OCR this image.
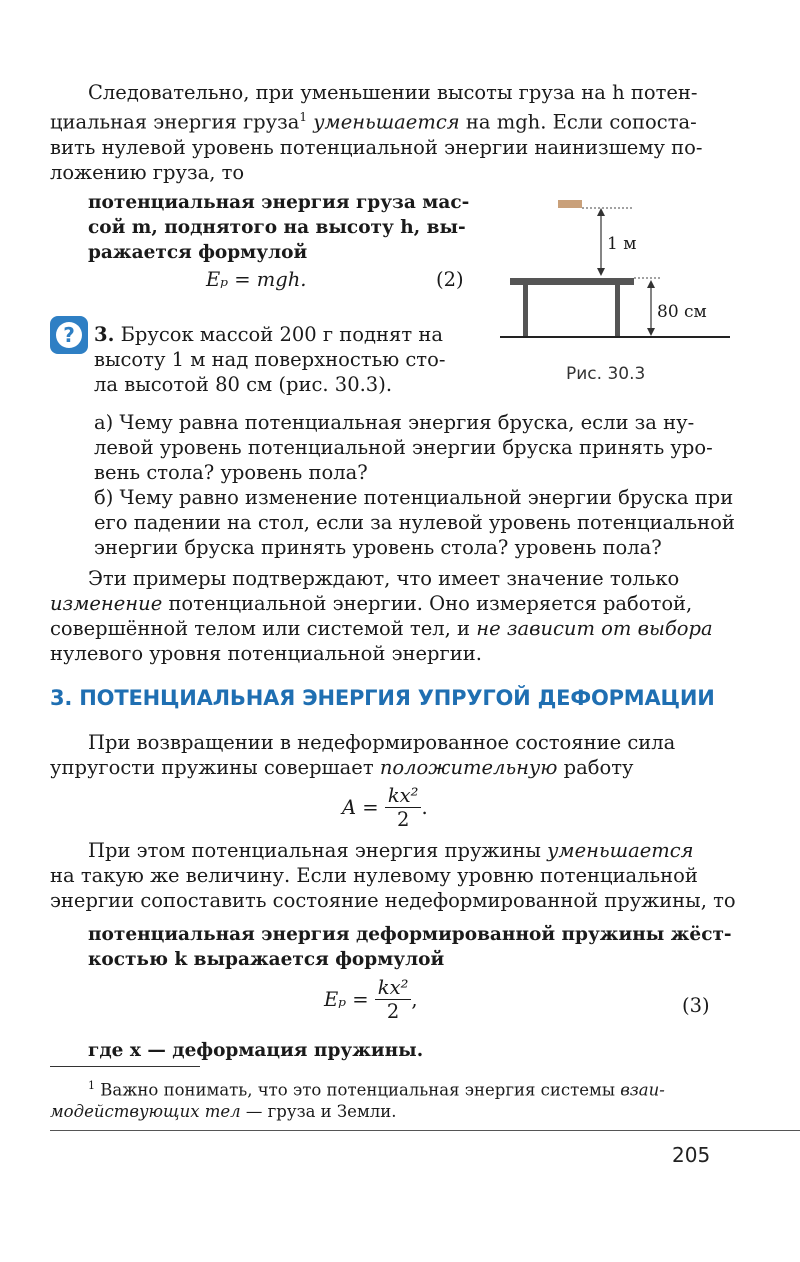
Следовательно, при уменьшении высоты груза на h потен-
циальная энергия груза$^1$ уменьшается на mgh. Если сопоста-
вить нулевой уровень потенциальной энергии наинизшему по-
ложению груза, то
потенциальная энергия груза мас-
сой m, поднятого на высоту h, вы-
ражается формулой
Eₚ = mgh.	(2)
1 м
80 см
Рис. 30.3
? 3. Брусок массой 200 г поднят на
высоту 1 м над поверхностью сто-
ла высотой 80 см (рис. 30.3).
а) Чему равна потенциальная энергия бруска, если за ну-
левой уровень потенциальной энергии бруска принять уро-
вень стола? уровень пола?
б) Чему равно изменение потенциальной энергии бруска при
его падении на стол, если за нулевой уровень потенциальной
энергии бруска принять уровень стола? уровень пола?
Эти примеры подтверждают, что имеет значение только
изменение потенциальной энергии. Оно измеряется работой,
совершённой телом или системой тел, и не зависит от выбора
нулевого уровня потенциальной энергии.
3. ПОТЕНЦИАЛЬНАЯ ЭНЕРГИЯ УПРУГОЙ ДЕФОРМАЦИИ
При возвращении в недеформированное состояние сила
упругости пружины совершает положительную работу
$A = \frac{\text{kx²}}{2}$ .
При этом потенциальная энергия пружины уменьшается
на такую же величину. Если нулевому уровню потенциальной
энергии сопоставить состояние недеформированной пружины, то
потенциальная энергия деформированной пружины жёст-
костью k выражается формулой
$E_p = \frac{\text{kx²}}{2}$ ,	(3)
где x — деформация пружины.
$^1$ Важно понимать, что это потенциальная энергия системы взаи-
модействующих тел — груза и Земли.
205
